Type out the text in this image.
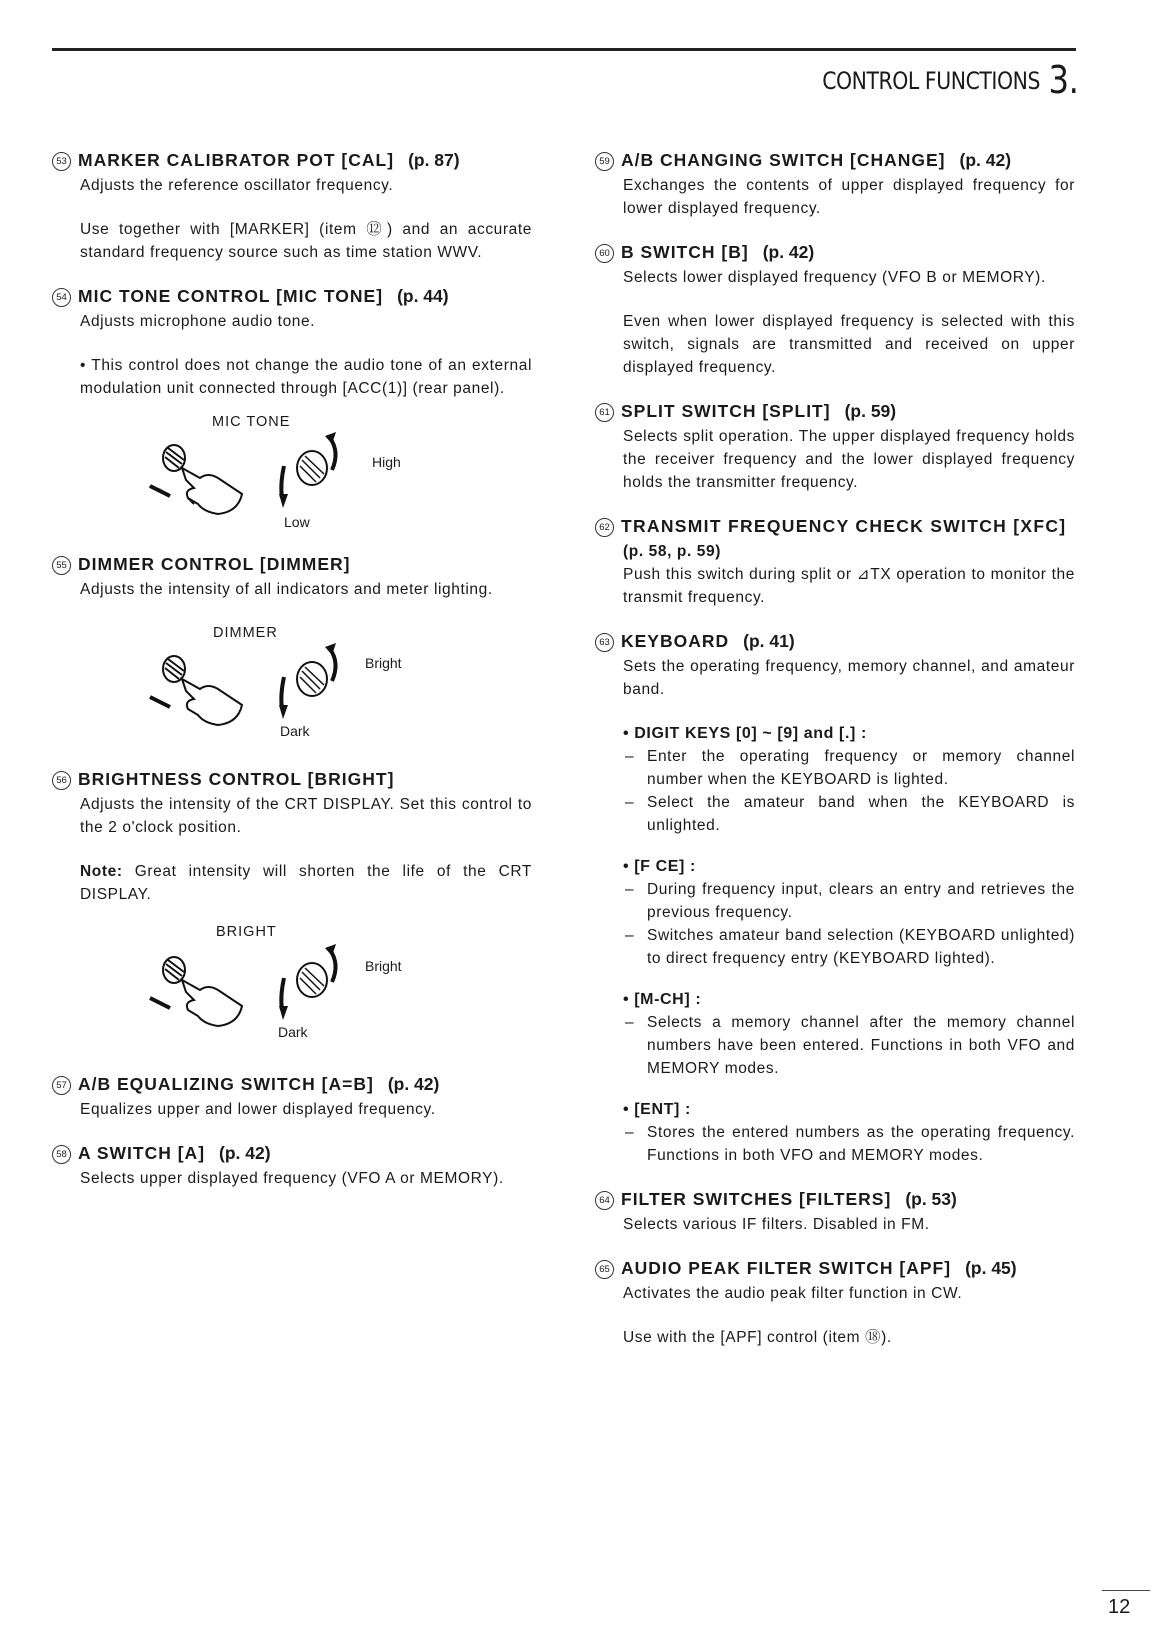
CONTROL FUNCTIONS 3.
53 MARKER CALIBRATOR POT [CAL] (p. 87)

Adjusts the reference oscillator frequency.

Use together with [MARKER] (item ⑫) and an accurate standard frequency source such as time station WWV.

54 MIC TONE CONTROL [MIC TONE] (p. 44)

Adjusts microphone audio tone.

• This control does not change the audio tone of an external modulation unit connected through [ACC(1)] (rear panel).

MIC TONE
High
Low
55 DIMMER CONTROL [DIMMER]

Adjusts the intensity of all indicators and meter lighting.

DIMMER
Bright
Dark
56 BRIGHTNESS CONTROL [BRIGHT]

Adjusts the intensity of the CRT DISPLAY. Set this control to the 2 o'clock position.

Note: Great intensity will shorten the life of the CRT DISPLAY.

BRIGHT
Bright
Dark
57 A/B EQUALIZING SWITCH [A=B] (p. 42)

Equalizes upper and lower displayed frequency.

58 A SWITCH [A] (p. 42)

Selects upper displayed frequency (VFO A or MEMORY).

59 A/B CHANGING SWITCH [CHANGE] (p. 42)

Exchanges the contents of upper displayed frequency for lower displayed frequency.

60 B SWITCH [B] (p. 42)

Selects lower displayed frequency (VFO B or MEMORY).

Even when lower displayed frequency is selected with this switch, signals are transmitted and received on upper displayed frequency.

61 SPLIT SWITCH [SPLIT] (p. 59)

Selects split operation. The upper displayed frequency holds the receiver frequency and the lower displayed frequency holds the transmitter frequency.

62 TRANSMIT FREQUENCY CHECK SWITCH [XFC]

(p. 58, p. 59)

Push this switch during split or ⊿TX operation to monitor the transmit frequency.

63 KEYBOARD (p. 41)

Sets the operating frequency, memory channel, and amateur band.

• DIGIT KEYS [0] ~ [9] and [.] :

– Enter the operating frequency or memory channel number when the KEYBOARD is lighted.

– Select the amateur band when the KEYBOARD is unlighted.

• [F CE] :

– During frequency input, clears an entry and retrieves the previous frequency.

– Switches amateur band selection (KEYBOARD unlighted) to direct frequency entry (KEYBOARD lighted).

• [M-CH] :

– Selects a memory channel after the memory channel numbers have been entered. Functions in both VFO and MEMORY modes.

• [ENT] :

– Stores the entered numbers as the operating frequency. Functions in both VFO and MEMORY modes.

64 FILTER SWITCHES [FILTERS] (p. 53)

Selects various IF filters. Disabled in FM.

65 AUDIO PEAK FILTER SWITCH [APF] (p. 45)

Activates the audio peak filter function in CW.

Use with the [APF] control (item ⑱).

12
